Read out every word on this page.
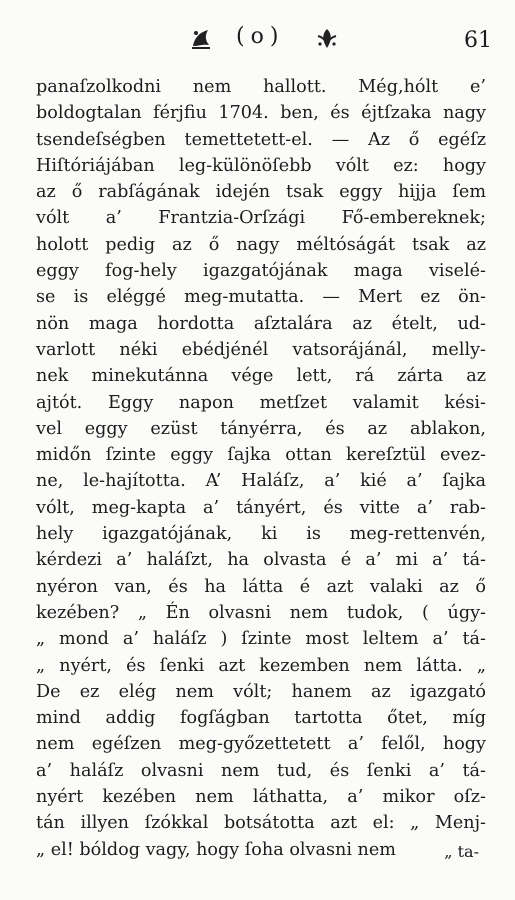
(o)	61
panaſzolkodni nem hallott. Még,hólt e’
boldogtalan férjfiu 1704. ben, és éjtſzaka nagy
tsendeſségben temettetett-el. — Az ő egéſz
Hiſtóriájában leg-különöſebb vólt ez: hogy
az ő rabſágának idején tsak eggy hijja ſem
vólt a’ Frantzia-Orſzági Fő-embereknek;
holott pedig az ő nagy méltóságát tsak az
eggy fog-hely igazgatójának maga viselé-
se is eléggé meg-mutatta. — Mert ez ön-
nön maga hordotta aſztalára az ételt, ud-
varlott néki ebédjénél vatsorájánál, melly-
nek minekutánna vége lett, rá zárta az
ajtót. Eggy napon metſzet valamit kési-
vel eggy ezüst tányérra, és az ablakon,
midőn ſzinte eggy ſajka ottan kereſztül evez-
ne, le-hajította. A’ Haláſz, a’ kié a’ ſajka
vólt, meg-kapta a’ tányért, és vitte a’ rab-
hely igazgatójának, ki is meg-rettenvén,
kérdezi a’ haláſzt, ha olvasta é a’ mi a’ tá-
nyéron van, és ha látta é azt valaki az ő
kezében? „ Én olvasni nem tudok, ( úgy-
„ mond a’ haláſz ) ſzinte most leltem a’ tá-
„ nyért, és ſenki azt kezemben nem látta. „
De ez elég nem vólt; hanem az igazgató
mind addig fogſágban tartotta őtet, míg
nem egéſzen meg-győzettetett a’ felől, hogy
a’ haláſz olvasni nem tud, és ſenki a’ tá-
nyért kezében nem láthatta, a’ mikor oſz-
tán illyen ſzókkal botsátotta azt el: „ Menj-
„ el! bóldog vagy, hogy ſoha olvasni nem	„ ta-
